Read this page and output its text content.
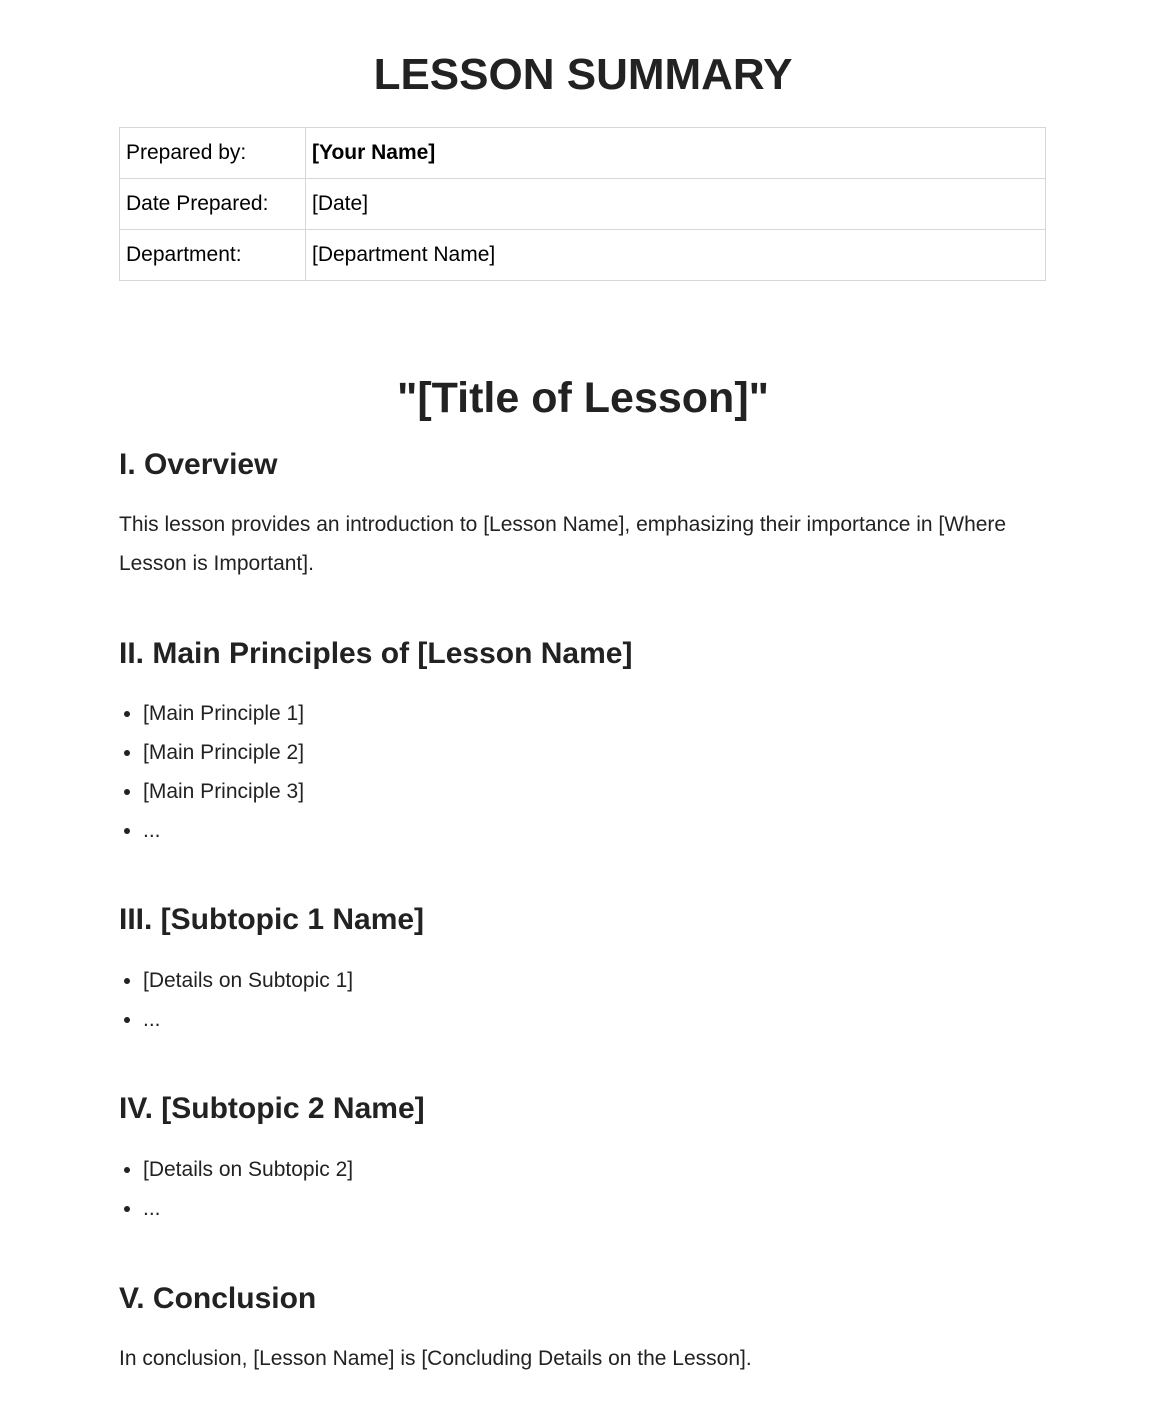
LESSON SUMMARY
Prepared by:	[Your Name]
Date Prepared:	[Date]
Department:	[Department Name]
"[Title of Lesson]"
I. Overview

This lesson provides an introduction to [Lesson Name], emphasizing their importance in [Where Lesson is Important].

II. Main Principles of [Lesson Name]
• [Main Principle 1]
• [Main Principle 2]
• [Main Principle 3]
• ...
III. [Subtopic 1 Name]
• [Details on Subtopic 1]
• ...
IV. [Subtopic 2 Name]
• [Details on Subtopic 2]
• ...
V. Conclusion

In conclusion, [Lesson Name] is [Concluding Details on the Lesson].
